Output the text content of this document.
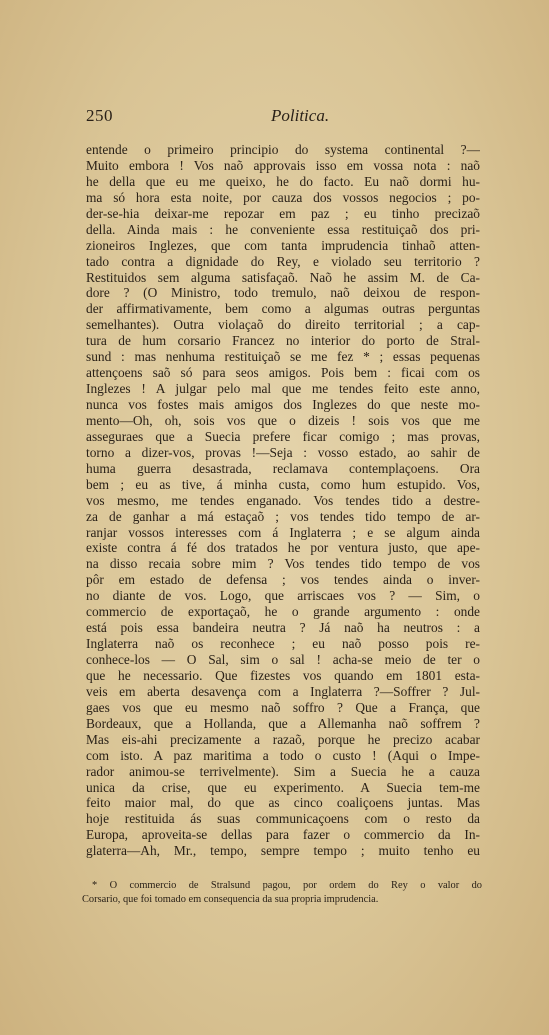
250	Politica.
entende o primeiro principio do systema continental ?—
Muito embora ! Vos naõ approvais isso em vossa nota : naõ
he della que eu me queixo, he do facto. Eu naõ dormi hu-
ma só hora esta noite, por cauza dos vossos negocios ; po-
der-se-hia deixar-me repozar em paz ; eu tinho precizaõ
della. Ainda mais : he conveniente essa restituiçaõ dos pri-
zioneiros Inglezes, que com tanta imprudencia tinhaõ atten-
tado contra a dignidade do Rey, e violado seu territorio ?
Restituidos sem alguma satisfaçaõ. Naõ he assim M. de Ca-
dore ? (O Ministro, todo tremulo, naõ deixou de respon-
der affirmativamente, bem como a algumas outras perguntas
semelhantes). Outra violaçaõ do direito territorial ; a cap-
tura de hum corsario Francez no interior do porto de Stral-
sund : mas nenhuma restituiçaõ se me fez * ; essas pequenas
attençoens saõ só para seos amigos. Pois bem : ficai com os
Inglezes ! A julgar pelo mal que me tendes feito este anno,
nunca vos fostes mais amigos dos Inglezes do que neste mo-
mento—Oh, oh, sois vos que o dizeis ! sois vos que me
asseguraes que a Suecia prefere ficar comigo ; mas provas,
torno a dizer-vos, provas !—Seja : vosso estado, ao sahir de
huma guerra desastrada, reclamava contemplaçoens. Ora
bem ; eu as tive, á minha custa, como hum estupido. Vos,
vos mesmo, me tendes enganado. Vos tendes tido a destre-
za de ganhar a má estaçaõ ; vos tendes tido tempo de ar-
ranjar vossos interesses com á Inglaterra ; e se algum ainda
existe contra á fé dos tratados he por ventura justo, que ape-
na disso recaia sobre mim ? Vos tendes tido tempo de vos
pôr em estado de defensa ; vos tendes ainda o inver-
no diante de vos. Logo, que arriscaes vos ? — Sim, o
commercio de exportaçaõ, he o grande argumento : onde
está pois essa bandeira neutra ? Já naõ ha neutros : a
Inglaterra naõ os reconhece ; eu naõ posso pois re-
conhece-los — O Sal, sim o sal ! acha-se meio de ter o
que he necessario. Que fizestes vos quando em 1801 esta-
veis em aberta desavença com a Inglaterra ?—Soffrer ? Jul-
gaes vos que eu mesmo naõ soffro ? Que a França, que
Bordeaux, que a Hollanda, que a Allemanha naõ soffrem ?
Mas eis-ahi precizamente a razaõ, porque he precizo acabar
com isto. A paz maritima a todo o custo ! (Aqui o Impe-
rador animou-se terrivelmente). Sim a Suecia he a cauza
unica da crise, que eu experimento. A Suecia tem-me
feito maior mal, do que as cinco coaliçoens juntas. Mas
hoje restituida ás suas communicaçoens com o resto da
Europa, aproveita-se dellas para fazer o commercio da In-
glaterra—Ah, Mr., tempo, sempre tempo ; muito tenho eu
* O commercio de Stralsund pagou, por ordem do Rey o valor do
Corsario, que foi tomado em consequencia da sua propria imprudencia.
